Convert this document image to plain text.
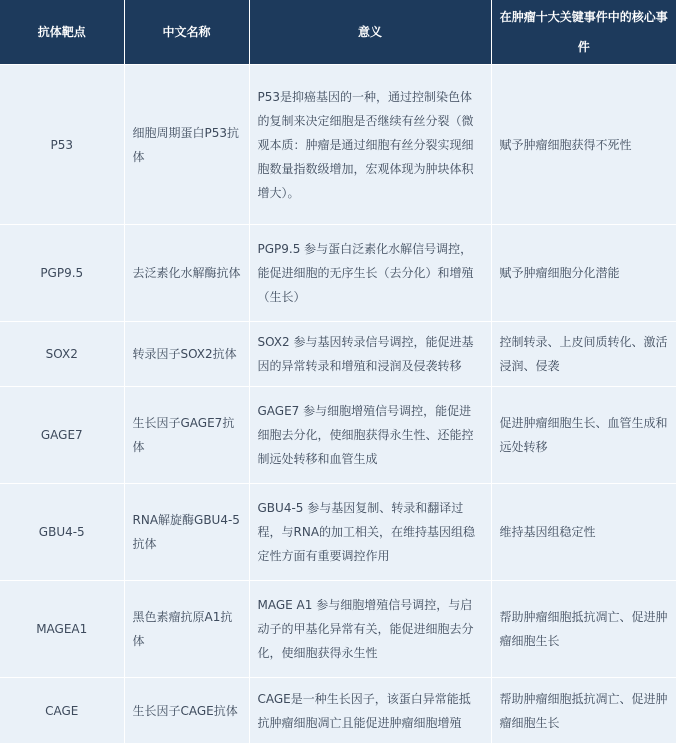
抗体靶点	中文名称	意义	在肿瘤十大关键事件中的核心事件
P53	细胞周期蛋白P53抗体	P53是抑癌基因的一种，通过控制染色体的复制来决定细胞是否继续有丝分裂（微观本质：肿瘤是通过细胞有丝分裂实现细胞数量指数级增加，宏观体现为肿块体积增大）。	赋予肿瘤细胞获得不死性
PGP9.5	去泛素化水解酶抗体	PGP9.5 参与蛋白泛素化水解信号调控，能促进细胞的无序生长（去分化）和增殖（生长）	赋予肿瘤细胞分化潜能
SOX2	转录因子SOX2抗体	SOX2 参与基因转录信号调控，能促进基因的异常转录和增殖和浸润及侵袭转移	控制转录、上皮间质转化、激活浸润、侵袭
GAGE7	生长因子GAGE7抗体	GAGE7 参与细胞增殖信号调控，能促进细胞去分化，使细胞获得永生性、还能控制远处转移和血管生成	促进肿瘤细胞生长、血管生成和远处转移
GBU4-5	RNA解旋酶GBU4-5抗体	GBU4-5 参与基因复制、转录和翻译过程，与RNA的加工相关，在维持基因组稳定性方面有重要调控作用	维持基因组稳定性
MAGEA1	黑色素瘤抗原A1抗体	MAGE A1 参与细胞增殖信号调控，与启动子的甲基化异常有关，能促进细胞去分化，使细胞获得永生性	帮助肿瘤细胞抵抗凋亡、促进肿瘤细胞生长
CAGE	生长因子CAGE抗体	CAGE是一种生长因子，该蛋白异常能抵抗肿瘤细胞凋亡且能促进肿瘤细胞增殖	帮助肿瘤细胞抵抗凋亡、促进肿瘤细胞生长
